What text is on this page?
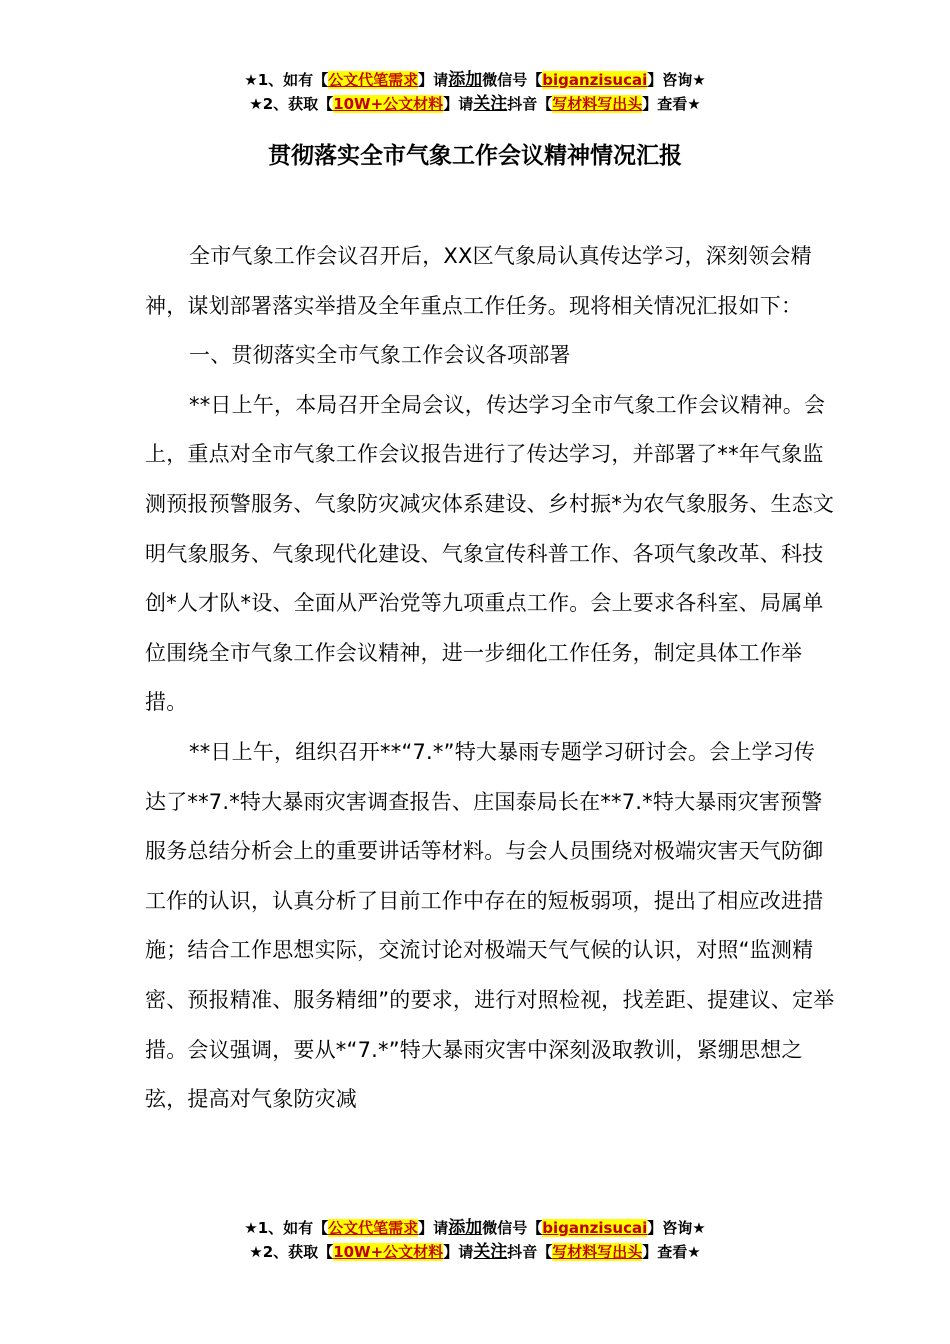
★1、如有【公文代笔需求】请添加微信号【biganzisucai】咨询★
★2、获取【10W+公文材料】请关注抖音【写材料写出头】查看★
贯彻落实全市气象工作会议精神情况汇报

全市气象工作会议召开后，XX区气象局认真传达学习，深刻领会精神，谋划部署落实举措及全年重点工作任务。现将相关情况汇报如下：

一、贯彻落实全市气象工作会议各项部署

**日上午，本局召开全局会议，传达学习全市气象工作会议精神。会上，重点对全市气象工作会议报告进行了传达学习，并部署了**年气象监测预报预警服务、气象防灾减灾体系建设、乡村振*为农气象服务、生态文明气象服务、气象现代化建设、气象宣传科普工作、各项气象改革、科技创*人才队*设、全面从严治党等九项重点工作。会上要求各科室、局属单位围绕全市气象工作会议精神，进一步细化工作任务，制定具体工作举措。

**日上午，组织召开**“7.*”特大暴雨专题学习研讨会。会上学习传达了**7.*特大暴雨灾害调查报告、庄国泰局长在**7.*特大暴雨灾害预警服务总结分析会上的重要讲话等材料。与会人员围绕对极端灾害天气防御工作的认识，认真分析了目前工作中存在的短板弱项，提出了相应改进措施；结合工作思想实际，交流讨论对极端天气气候的认识，对照“监测精密、预报精准、服务精细”的要求，进行对照检视，找差距、提建议、定举措。会议强调，要从*“7.*”特大暴雨灾害中深刻汲取教训，紧绷思想之弦，提高对气象防灾减

★1、如有【公文代笔需求】请添加微信号【biganzisucai】咨询★
★2、获取【10W+公文材料】请关注抖音【写材料写出头】查看★
